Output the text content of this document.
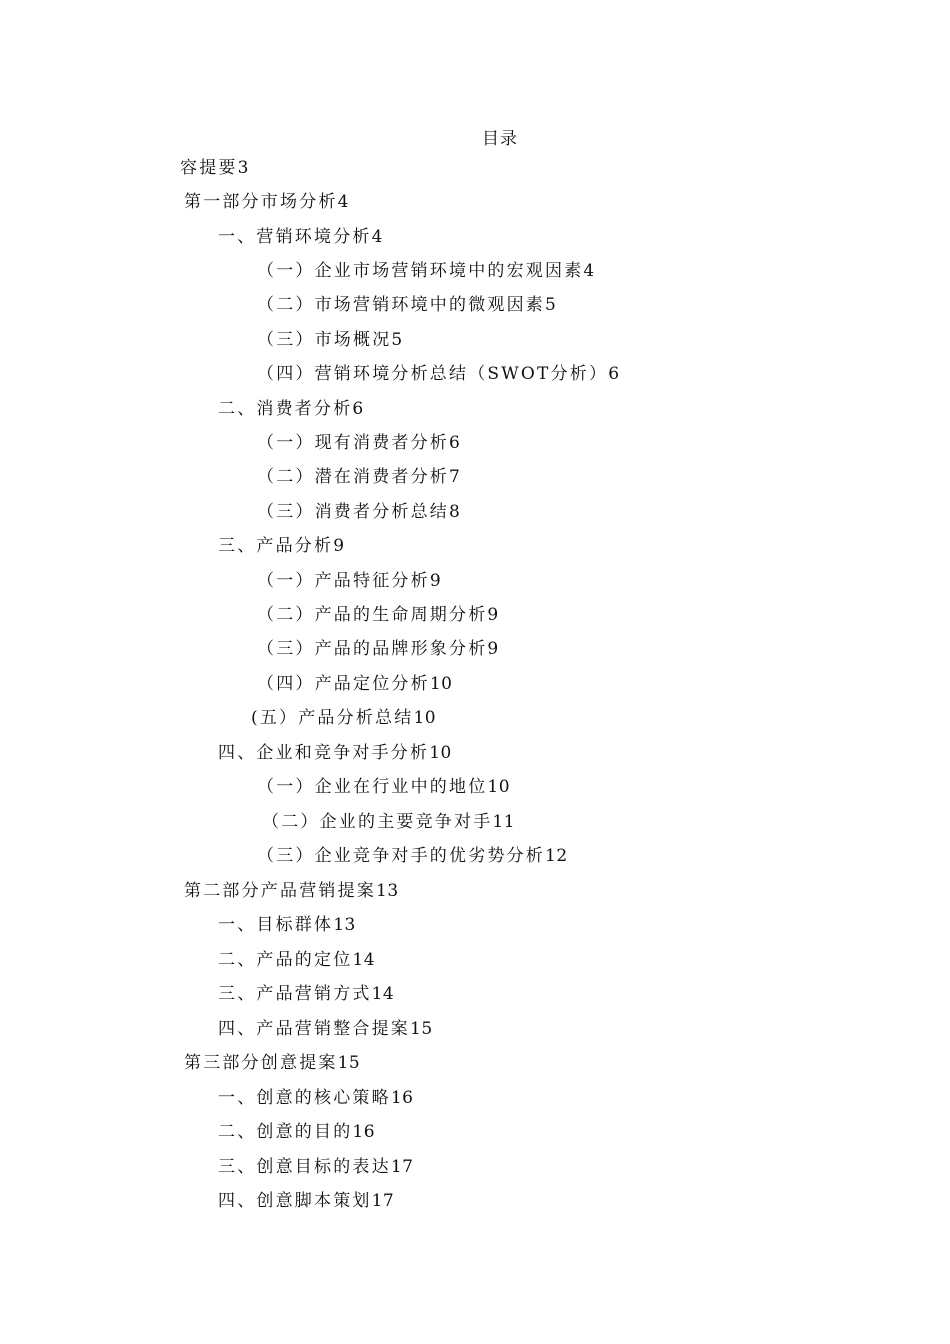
目录
容提要3
第一部分市场分析4
一、营销环境分析4
（一）企业市场营销环境中的宏观因素4
（二）市场营销环境中的微观因素5
（三）市场概况5
（四）营销环境分析总结（SWOT分析）6
二、消费者分析6
（一）现有消费者分析6
（二）潜在消费者分析7
（三）消费者分析总结8
三、产品分析9
（一）产品特征分析9
（二）产品的生命周期分析9
（三）产品的品牌形象分析9
（四）产品定位分析10
(五）产品分析总结10
四、企业和竞争对手分析10
（一）企业在行业中的地位10
（二）企业的主要竞争对手11
（三）企业竞争对手的优劣势分析12
第二部分产品营销提案13
一、目标群体13
二、产品的定位14
三、产品营销方式14
四、产品营销整合提案15
第三部分创意提案15
一、创意的核心策略16
二、创意的目的16
三、创意目标的表达17
四、创意脚本策划17
